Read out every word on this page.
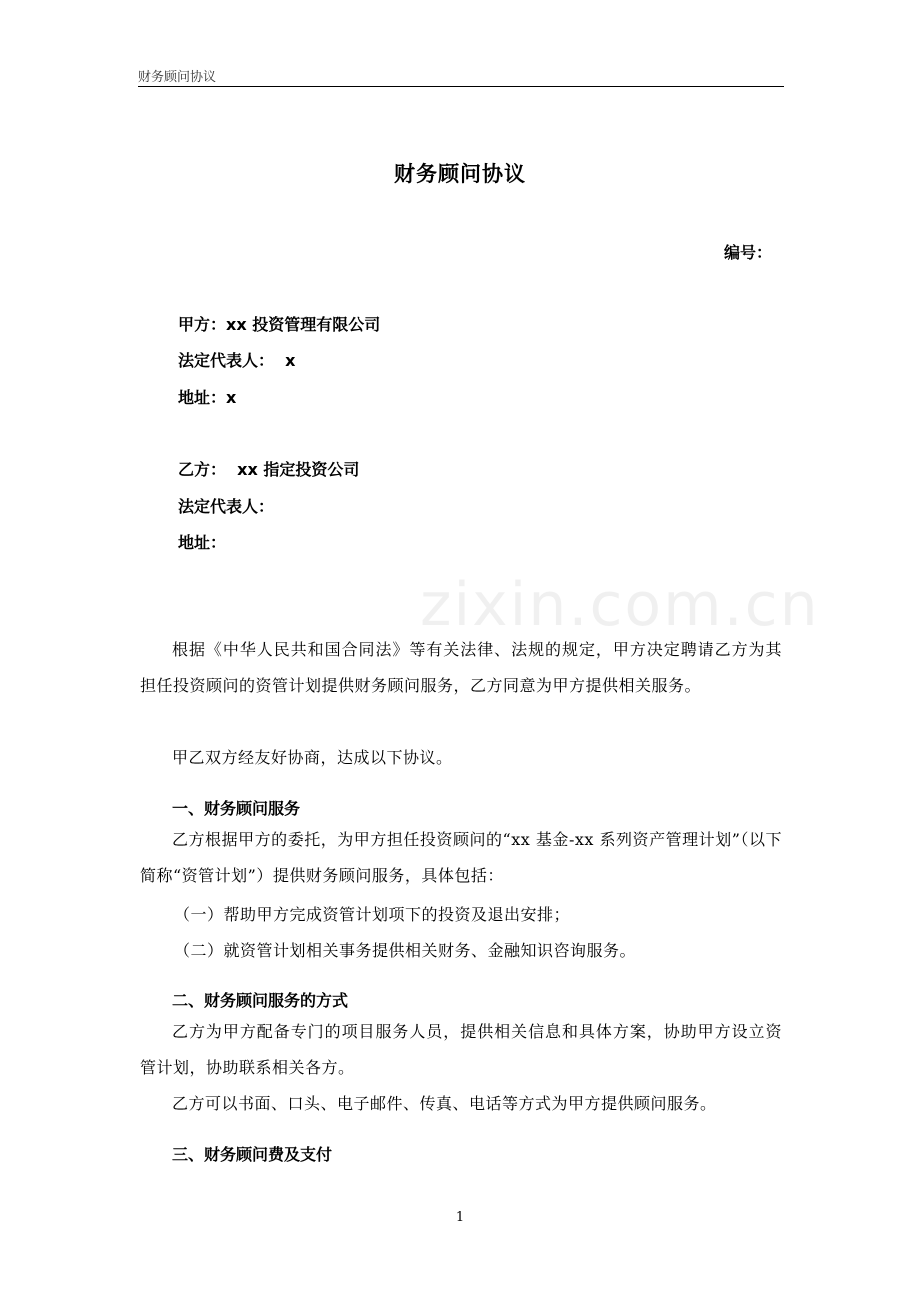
财务顾问协议
财务顾问协议
编号：
甲方：xx 投资管理有限公司
法定代表人：  x
地址：x
乙方：  xx 指定投资公司
法定代表人：
地址：
zixin.com.cn
根据《中华人民共和国合同法》等有关法律、法规的规定，甲方决定聘请乙方为其担任投资顾问的资管计划提供财务顾问服务，乙方同意为甲方提供相关服务。
甲乙双方经友好协商，达成以下协议。
一、财务顾问服务
乙方根据甲方的委托，为甲方担任投资顾问的“xx 基金-xx 系列资产管理计划”（以下简称“资管计划”）提供财务顾问服务，具体包括：
（一）帮助甲方完成资管计划项下的投资及退出安排；
（二）就资管计划相关事务提供相关财务、金融知识咨询服务。
二、财务顾问服务的方式
乙方为甲方配备专门的项目服务人员，提供相关信息和具体方案，协助甲方设立资管计划，协助联系相关各方。
乙方可以书面、口头、电子邮件、传真、电话等方式为甲方提供顾问服务。
三、财务顾问费及支付
1
